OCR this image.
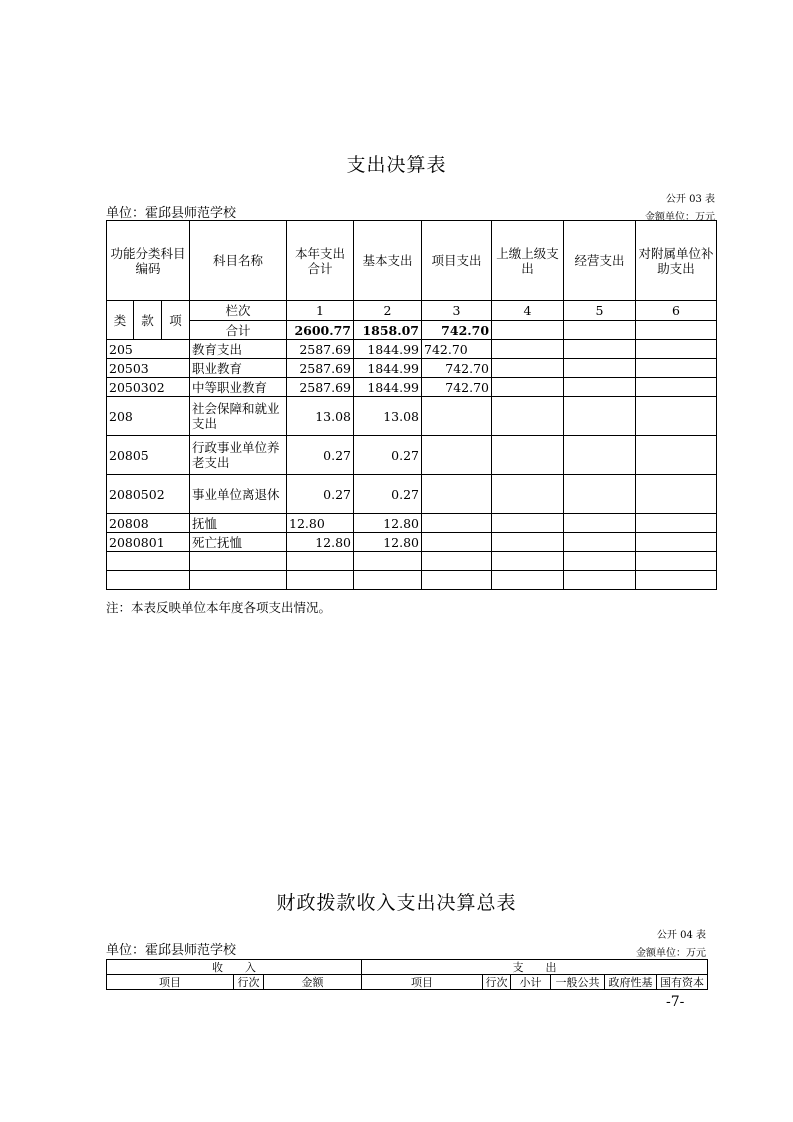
支出决算表
公开 03 表
单位：霍邱县师范学校	金额单位：万元
功能分类科目编码			科目名称	本年支出合计	基本支出	项目支出	上缴上级支出	经营支出	对附属单位补助支出
类	款	项	栏次	1	2	3	4	5	6
			合计	2600.77	1858.07	742.70			
205			教育支出	2587.69	1844.99	742.70			
20503			职业教育	2587.69	1844.99	742.70			
2050302			中等职业教育	2587.69	1844.99	742.70			
208			社会保障和就业支出	13.08	13.08				
20805			行政事业单位养老支出	0.27	0.27				
2080502			事业单位离退休	0.27	0.27				
20808			抚恤	12.80	12.80				
2080801			死亡抚恤	12.80	12.80				

注：本表反映单位本年度各项支出情况。
财政拨款收入支出决算总表
公开 04 表
单位：霍邱县师范学校	金额单位：万元
收　　入			支　　出					
项目	行次	金额	项目	行次	小计	一般公共	政府性基	国有资本
-7-
